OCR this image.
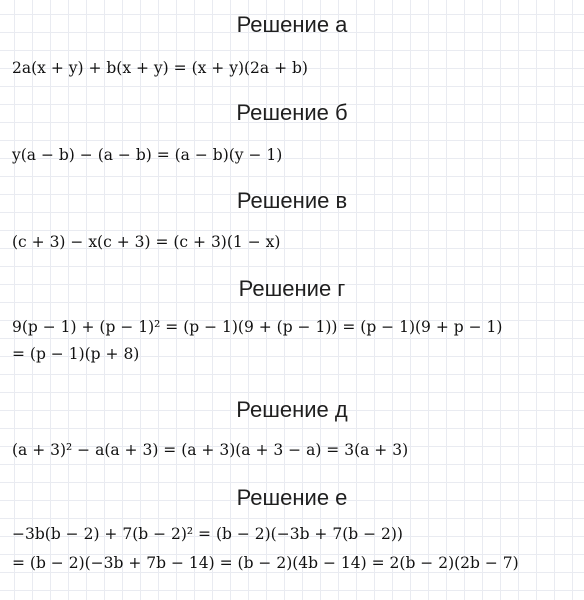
Решение а
2a(x + y) + b(x + y) = (x + y)(2a + b)
Решение б
y(a − b) − (a − b) = (a − b)(y − 1)
Решение в
(c + 3) − x(c + 3) = (c + 3)(1 − x)
Решение г
9(p − 1) + (p − 1)² = (p − 1)(9 + (p − 1)) = (p − 1)(9 + p − 1)
= (p − 1)(p + 8)
Решение д
(a + 3)² − a(a + 3) = (a + 3)(a + 3 − a) = 3(a + 3)
Решение е
−3b(b − 2) + 7(b − 2)² = (b − 2)(−3b + 7(b − 2))
= (b − 2)(−3b + 7b − 14) = (b − 2)(4b − 14) = 2(b − 2)(2b − 7)
